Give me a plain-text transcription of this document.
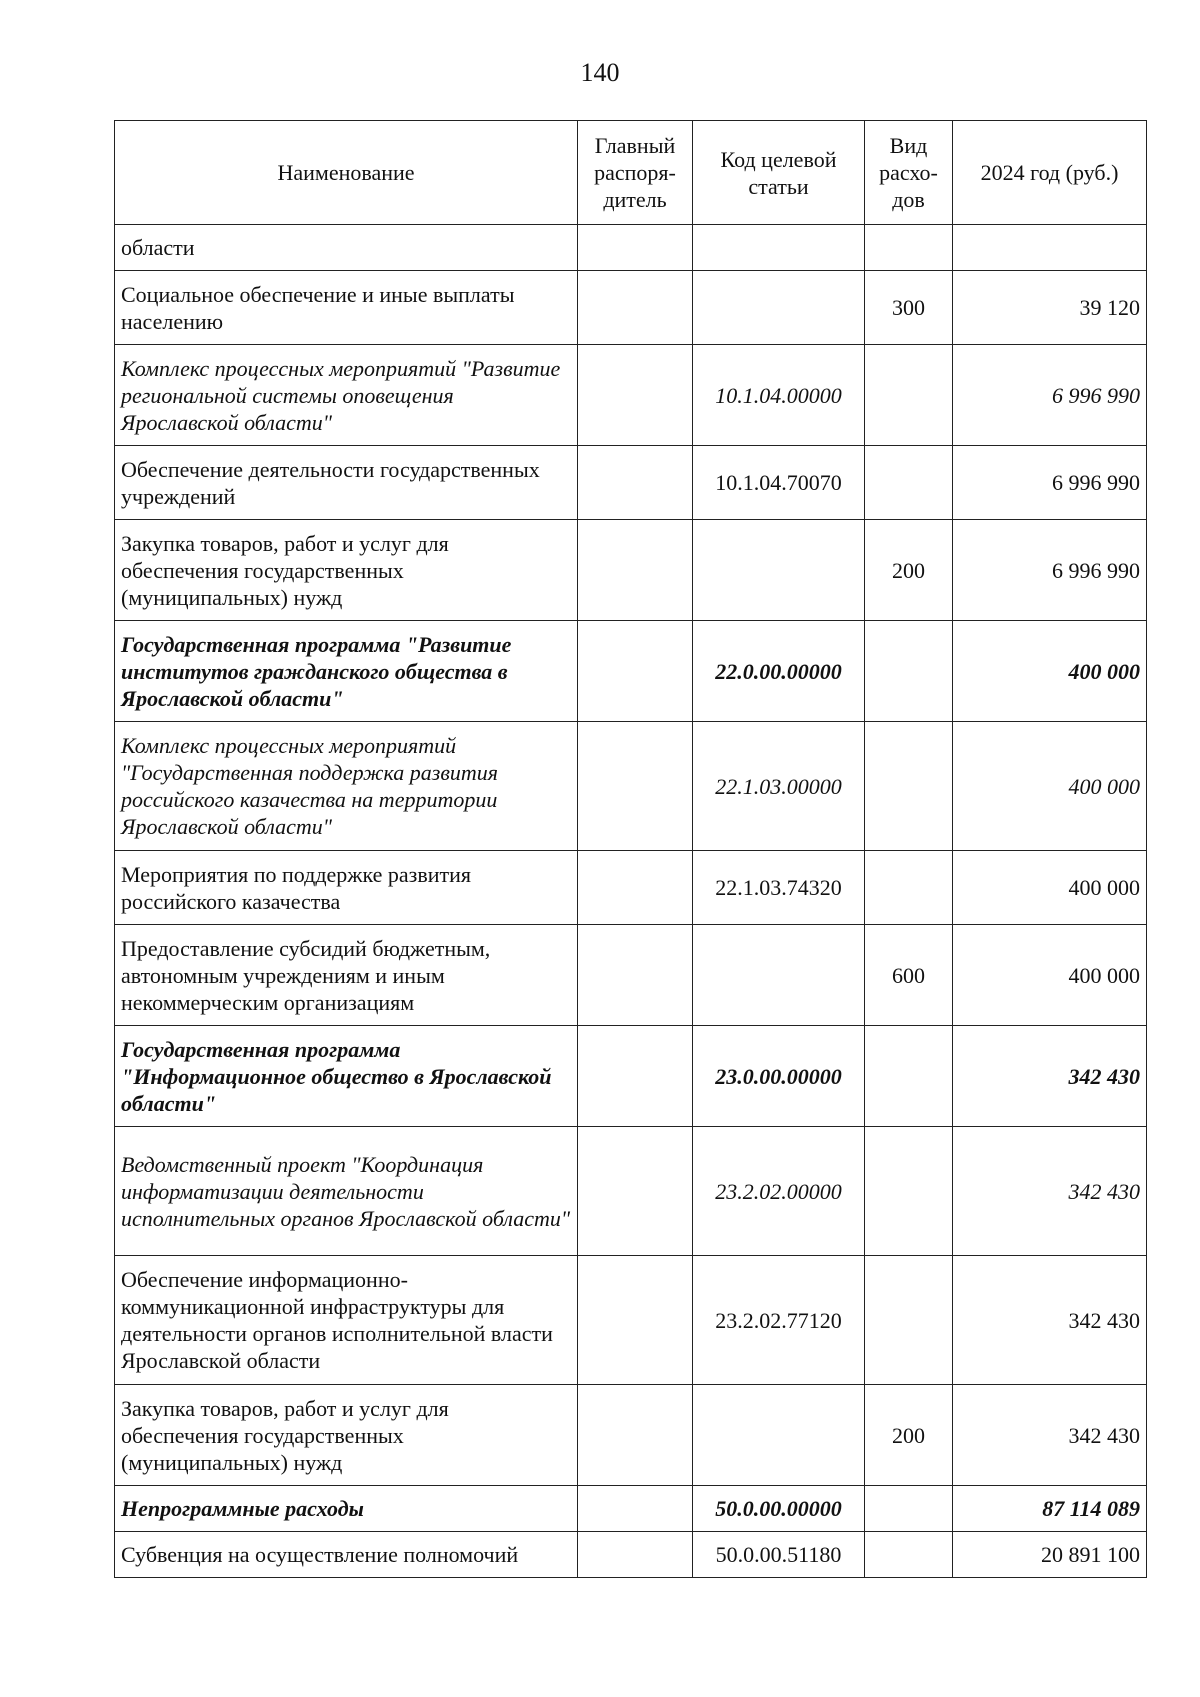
140
Наименование	Главный распоря-дитель	Код целевой статьи	Вид расхо-дов	2024 год (руб.)
области				
Социальное обеспечение и иные выплаты населению			300	39 120
Комплекс процессных мероприятий "Развитие региональной системы оповещения Ярославской области"		10.1.04.00000		6 996 990
Обеспечение деятельности государственных учреждений		10.1.04.70070		6 996 990
Закупка товаров, работ и услуг для обеспечения государственных (муниципальных) нужд			200	6 996 990
Государственная программа "Развитие институтов гражданского общества в Ярославской области"		22.0.00.00000		400 000
Комплекс процессных мероприятий "Государственная поддержка развития российского казачества на территории Ярославской области"		22.1.03.00000		400 000
Мероприятия по поддержке развития российского казачества		22.1.03.74320		400 000
Предоставление субсидий бюджетным, автономным учреждениям и иным некоммерческим организациям			600	400 000
Государственная программа "Информационное общество в Ярославской области"		23.0.00.00000		342 430
Ведомственный проект "Координация информатизации деятельности исполнительных органов Ярославской области"		23.2.02.00000		342 430
Обеспечение информационно-коммуникационной инфраструктуры для деятельности органов исполнительной власти Ярославской области		23.2.02.77120		342 430
Закупка товаров, работ и услуг для обеспечения государственных (муниципальных) нужд			200	342 430
Непрограммные расходы		50.0.00.00000		87 114 089
Субвенция на осуществление полномочий		50.0.00.51180		20 891 100
